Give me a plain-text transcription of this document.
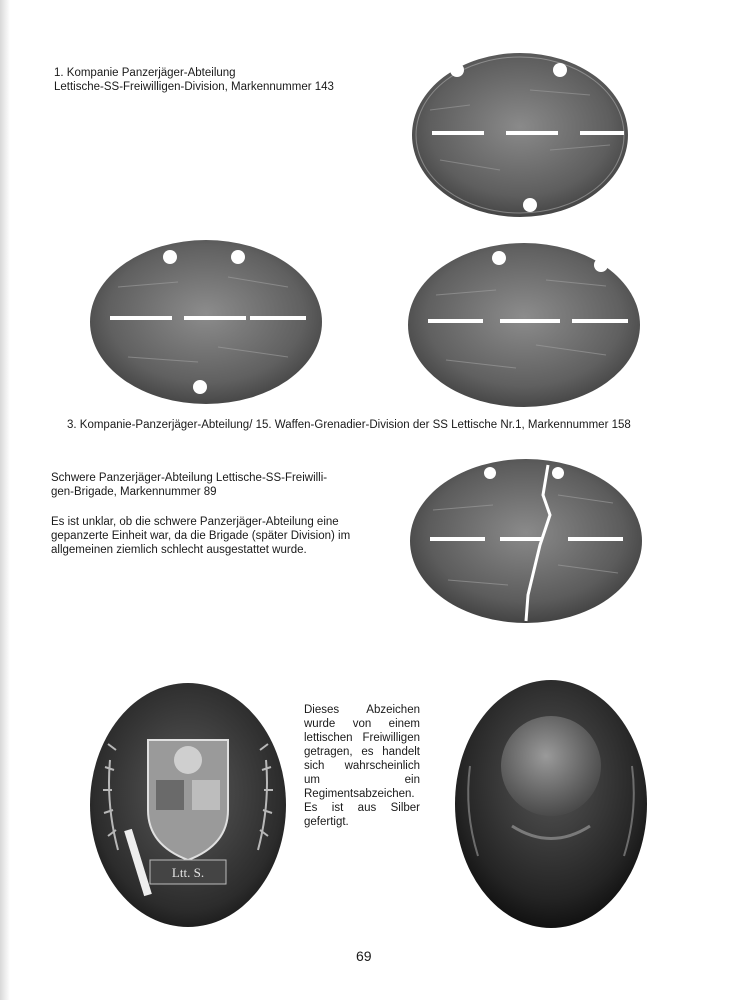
1. Kompanie Panzerjäger-Abteilung
Lettische-SS-Freiwilligen-Division, Markennummer 143
3. Kompanie-Panzerjäger-Abteilung/ 15. Waffen-Grenadier-Division der SS Lettische Nr.1, Markennummer 158
Schwere Panzerjäger-Abteilung Lettische-SS-Freiwilli-
gen-Brigade, Markennummer 89
Es ist unklar, ob die schwere Panzerjäger-Abteilung eine gepanzerte Einheit war, da die Brigade (später Division) im allgemeinen ziemlich schlecht ausgestattet wurde.
Ltt. S.
Dieses Abzeichen wurde von einem lettischen Freiwilligen getragen, es handelt sich wahrscheinlich um ein Regimentsabzeichen. Es ist aus Silber gefertigt.
69
